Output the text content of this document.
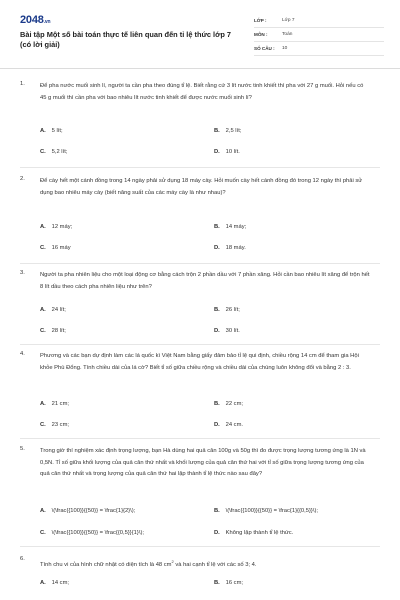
2048.vn
Bài tập Một số bài toán thực tế liên quan đến tỉ lệ thức lớp 7 (có lời giải)
LỚP :	Lớp 7
MÔN :	Toán
SỐ CÂU :	10
1.	Để pha nước muối sinh lí, người ta cần pha theo đúng tỉ lệ. Biết rằng cứ 3 lít nước tinh khiết thì pha với 27 g muối. Hỏi nếu có 45 g muối thì cần pha với bao nhiêu lít nước tinh khiết để được nước muối sinh lí?
A. 5 lít;	B. 2,5 lít;
C. 5,2 lít;	D. 10 lít.
2.	Để cày hết một cánh đồng trong 14 ngày phải sử dụng 18 máy cày. Hỏi muốn cày hết cánh đồng đó trong 12 ngày thì phải sử dụng bao nhiêu máy cày (biết năng suất của các máy cày là như nhau)?
A. 12 máy;	B. 14 máy;
C. 16 máy	D. 18 máy.
3.	Người ta pha nhiên liệu cho một loại động cơ bằng cách trộn 2 phần dầu với 7 phần xăng. Hỏi cần bao nhiêu lít xăng để trộn hết 8 lít dầu theo cách pha nhiên liệu như trên?
A. 24 lít;	B. 26 lít;
C. 28 lít;	D. 30 lít.
4.	Phương và các bạn dự định làm các lá quốc kì Việt Nam bằng giấy đảm bảo tỉ lệ qui định, chiều rộng 14 cm để tham gia Hội khỏe Phù Đổng. Tính chiều dài của lá cờ? Biết tỉ số giữa chiều rộng và chiều dài của chúng luôn không đổi và bằng 2 : 3.
A. 21 cm;	B. 22 cm;
C. 23 cm;	D. 24 cm.
5.	Trong giờ thí nghiệm xác định trọng lượng, bạn Hà dùng hai quả cân 100g và 50g thì đo được trọng lượng tương ứng là 1N và 0,5N. Tỉ số giữa khối lượng của quả cân thứ nhất và khối lượng của quả cân thứ hai với tỉ số giữa trọng lượng tương ứng của quả cân thứ nhất và trọng lượng của quả cân thứ hai lập thành tỉ lệ thức nào sau đây?
A. \(\frac{{100}}{{50}} = \frac{1}{2}\);	B. \(\frac{{100}}{{50}} = \frac{1}{{0,5}}\);
C. \(\frac{{100}}{{50}} = \frac{{0,5}}{1}\);	D. Không lập thành tỉ lệ thức.
6.
Tính chu vi của hình chữ nhật có diện tích là 48 $cm^2$ và hai cạnh tỉ lệ với các số 3; 4.
A. 14 cm;	B. 16 cm;
